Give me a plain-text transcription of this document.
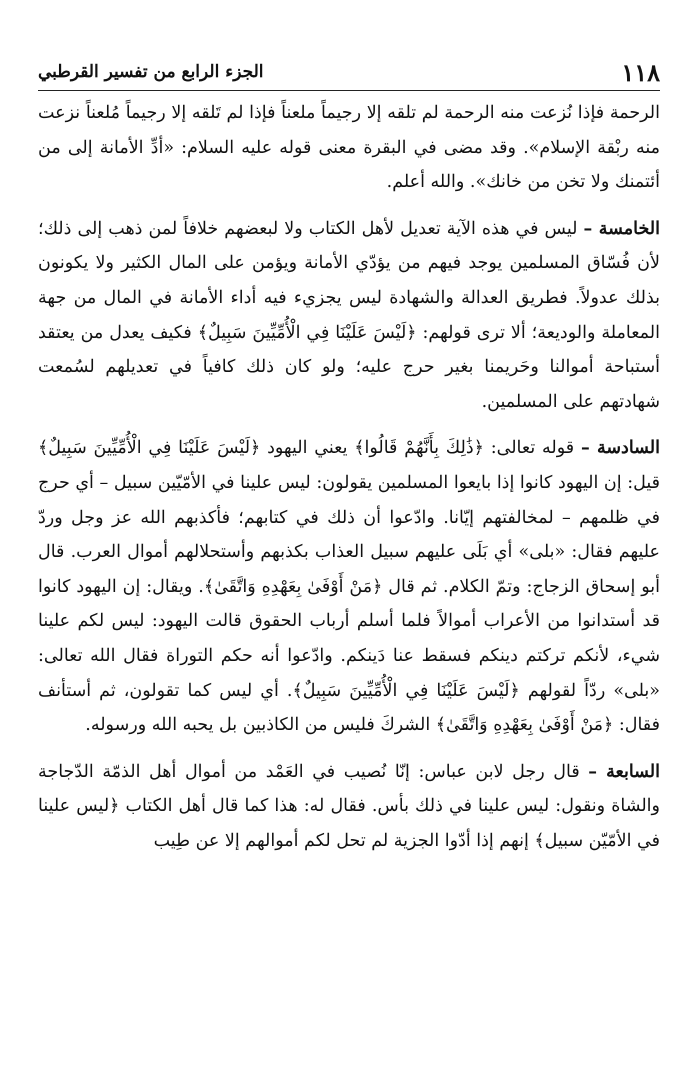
١١٨
الجزء الرابع من تفسير القرطبي

الرحمة فإذا نُزعت منه الرحمة لم تلقه إلا رجيماً ملعناً فإذا لم تَلقه إلا رجيماً مُلعناً نزعت منه ربْقة الإسلام». وقد مضى في البقرة معنى قوله عليه السلام: «أدِّ الأمانة إلى من أئتمنك ولا تخن من خانك». والله أعلم.

الخامسة – ليس في هذه الآية تعديل لأهل الكتاب ولا لبعضهم خلافاً لمن ذهب إلى ذلك؛ لأن فُسّاق المسلمين يوجد فيهم من يؤدّي الأمانة ويؤمن على المال الكثير ولا يكونون بذلك عدولاً. فطريق العدالة والشهادة ليس يجزيء فيه أداء الأمانة في المال من جهة المعاملة والوديعة؛ ألا ترى قولهم: ﴿لَيْسَ عَلَيْنَا فِي الْأُمِّيِّينَ سَبِيلٌ﴾ فكيف يعدل من يعتقد أستباحة أموالنا وحَريمنا بغير حرج عليه؛ ولو كان ذلك كافياً في تعديلهم لسُمعت شهادتهم على المسلمين.

السادسة – قوله تعالى: ﴿ذَٰلِكَ بِأَنَّهُمْ قَالُوا﴾ يعني اليهود ﴿لَيْسَ عَلَيْنَا فِي الْأُمِّيِّينَ سَبِيلٌ﴾ قيل: إن اليهود كانوا إذا بايعوا المسلمين يقولون: ليس علينا في الأمّيّين سبيل – أي حرج في ظلمهم – لمخالفتهم إيّانا. وادّعوا أن ذلك في كتابهم؛ فأكذبهم الله عز وجل وردّ عليهم فقال: «بلى» أي بَلَى عليهم سبيل العذاب بكذبهم وأستحلالهم أموال العرب. قال أبو إسحاق الزجاج: وتمّ الكلام. ثم قال ﴿مَنْ أَوْفَىٰ بِعَهْدِهِ وَاتَّقَىٰ﴾. ويقال: إن اليهود كانوا قد أستدانوا من الأعراب أموالاً فلما أسلم أرباب الحقوق قالت اليهود: ليس لكم علينا شيء، لأنكم تركتم دينكم فسقط عنا دَينكم. وادّعوا أنه حكم التوراة فقال الله تعالى: «بلى» ردّاً لقولهم ﴿لَيْسَ عَلَيْنَا فِي الْأُمِّيِّينَ سَبِيلٌ﴾. أي ليس كما تقولون، ثم أستأنف فقال: ﴿مَنْ أَوْفَىٰ بِعَهْدِهِ وَاتَّقَىٰ﴾ الشركَ فليس من الكاذبين بل يحبه الله ورسوله.

السابعة – قال رجل لابن عباس: إنّا نُصيب في العَمْد من أموال أهل الذمّة الدّجاجة والشاة ونقول: ليس علينا في ذلك بأس. فقال له: هذا كما قال أهل الكتاب ﴿ليس علينا في الأمّيّن سبيل﴾ إنهم إذا أدّوا الجزية لم تحل لكم أموالهم إلا عن طِيب
